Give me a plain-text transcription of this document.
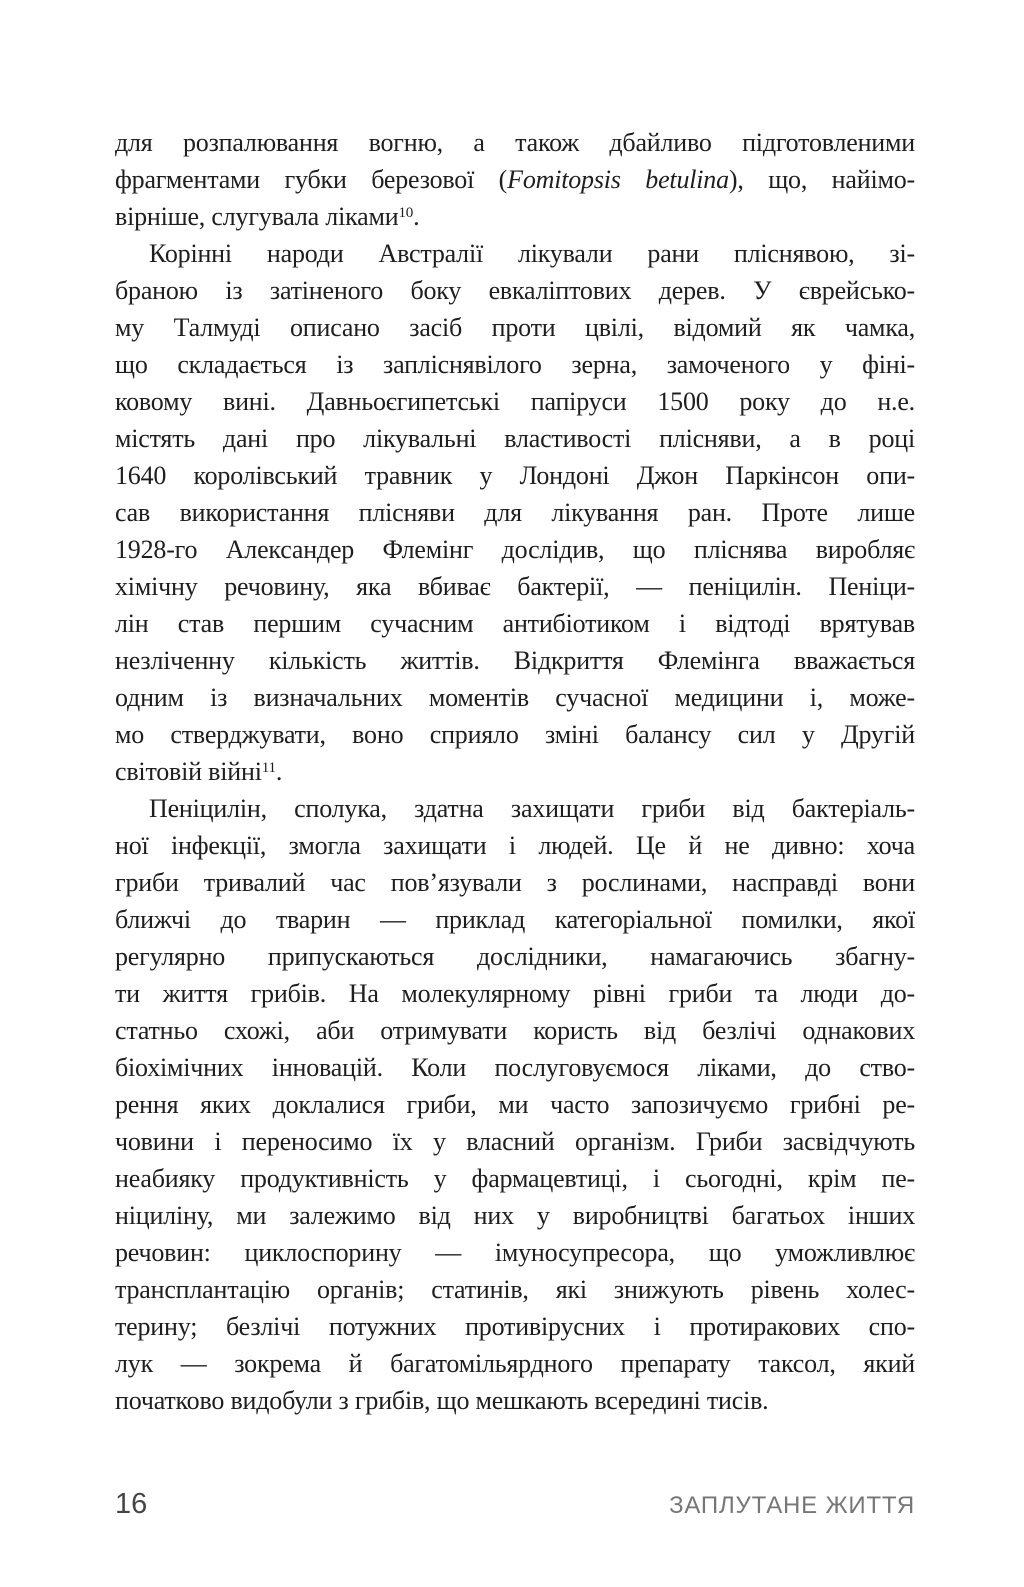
для розпалювання вогню, а також дбайливо підготовленими
фрагментами губки березової (Fomitopsis betulina), що, найімо-
вірніше, слугувала ліками$^{10}$.
Корінні народи Австралії лікували рани пліснявою, зі-
браною із затіненого боку евкаліптових дерев. У єврейсько-
му Талмуді описано засіб проти цвілі, відомий як чамка,
що складається із запліснявілого зерна, замоченого у фіні-
ковому вині. Давньоєгипетські папіруси 1500 року до н.е.
містять дані про лікувальні властивості плісняви, а в році
1640 королівський травник у Лондоні Джон Паркінсон опи-
сав використання плісняви для лікування ран. Проте лише
1928-го Александер Флемінг дослідив, що пліснява виробляє
хімічну речовину, яка вбиває бактерії, — пеніцилін. Пеніци-
лін став першим сучасним антибіотиком і відтоді врятував
незліченну кількість життів. Відкриття Флемінга вважається
одним із визначальних моментів сучасної медицини і, може-
мо стверджувати, воно сприяло зміні балансу сил у Другій
світовій війні$^{11}$.
Пеніцилін, сполука, здатна захищати гриби від бактеріаль-
ної інфекції, змогла захищати і людей. Це й не дивно: хоча
гриби тривалий час пов’язували з рослинами, насправді вони
ближчі до тварин — приклад категоріальної помилки, якої
регулярно припускаються дослідники, намагаючись збагну-
ти життя грибів. На молекулярному рівні гриби та люди до-
статньо схожі, аби отримувати користь від безлічі однакових
біохімічних інновацій. Коли послуговуємося ліками, до ство-
рення яких доклалися гриби, ми часто запозичуємо грибні ре-
човини і переносимо їх у власний організм. Гриби засвідчують
неабияку продуктивність у фармацевтиці, і сьогодні, крім пе-
ніциліну, ми залежимо від них у виробництві багатьох інших
речовин: циклоспорину — імуносупресора, що уможливлює
трансплантацію органів; статинів, які знижують рівень холес-
терину; безлічі потужних противірусних і протиракових спо-
лук — зокрема й багатомільярдного препарату таксол, який
початково видобули з грибів, що мешкають всередині тисів.
16	ЗАПЛУТАНЕ ЖИТТЯ
